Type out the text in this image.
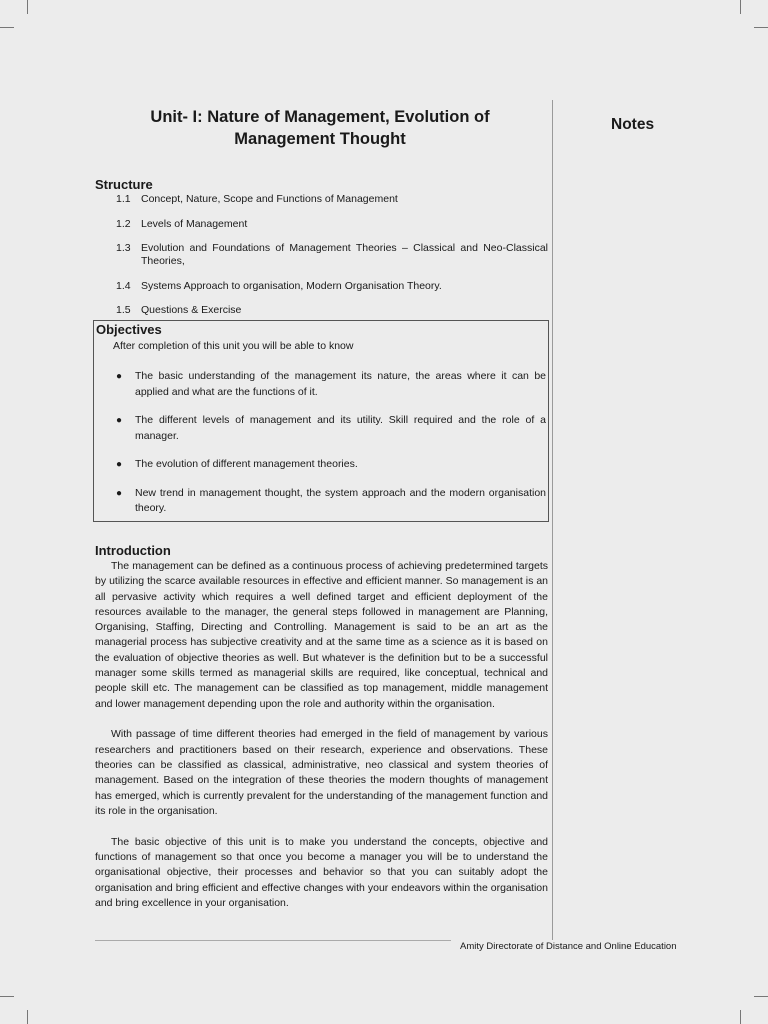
Unit- I: Nature of Management, Evolution of
Management Thought

Notes

Structure
1.1 Concept, Nature, Scope and Functions of Management
1.2 Levels of Management
1.3 Evolution and Foundations of Management Theories – Classical and Neo-Classical Theories,
1.4 Systems Approach to organisation, Modern Organisation Theory.
1.5 Questions & Exercise
Objectives

After completion of this unit you will be able to know

●	The basic understanding of the management its nature, the areas where it can be applied and what are the functions of it.
●	The different levels of management and its utility. Skill required and the role of a manager.
●	The evolution of different management theories.
●	New trend in management thought, the system approach and the modern organisation theory.
Introduction

The management can be defined as a continuous process of achieving predetermined targets by utilizing the scarce available resources in effective and efficient manner. So management is an all pervasive activity which requires a well defined target and efficient deployment of the resources available to the manager, the general steps followed in management are Planning, Organising, Staffing, Directing and Controlling. Management is said to be an art as the managerial process has subjective creativity and at the same time as a science as it is based on the evaluation of objective theories as well. But whatever is the definition but to be a successful manager some skills termed as managerial skills are required, like conceptual, technical and people skill etc. The management can be classified as top management, middle management and lower management depending upon the role and authority within the organisation.

With passage of time different theories had emerged in the field of management by various researchers and practitioners based on their research, experience and observations. These theories can be classified as classical, administrative, neo classical and system theories of management. Based on the integration of these theories the modern thoughts of management has emerged, which is currently prevalent for the understanding of the management function and its role in the organisation.

The basic objective of this unit is to make you understand the concepts, objective and functions of management so that once you become a manager you will be to understand the organisational objective, their processes and behavior so that you can suitably adopt the organisation and bring efficient and effective changes with your endeavors within the organisation and bring excellence in your organisation.

Amity Directorate of Distance and Online Education
